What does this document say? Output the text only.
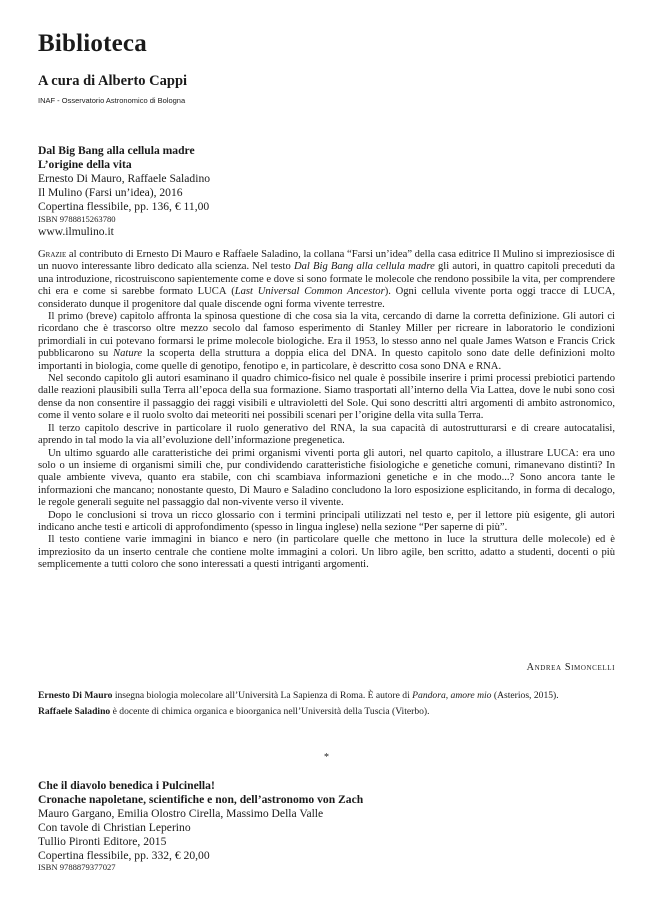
Biblioteca

A cura di Alberto Cappi

INAF - Osservatorio Astronomico di Bologna

Dal Big Bang alla cellula madre
L’origine della vita
Ernesto Di Mauro, Raffaele Saladino
Il Mulino (Farsi un’idea), 2016
Copertina flessibile, pp. 136, € 11,00
ISBN 9788815263780
www.ilmulino.it

Grazie al contributo di Ernesto Di Mauro e Raffaele Saladino, la collana “Farsi un’idea” della casa editrice Il Mulino si impreziosisce di un nuovo interessante libro dedicato alla scienza. Nel testo Dal Big Bang alla cellula madre gli autori, in quattro capitoli preceduti da una introduzione, ricostruiscono sapientemente come e dove si sono formate le molecole che rendono possibile la vita, per comprendere chi era e come si sarebbe formato LUCA (Last Universal Common Ancestor). Ogni cellula vivente porta oggi tracce di LUCA, considerato dunque il progenitore dal quale discende ogni forma vivente terrestre.

Il primo (breve) capitolo affronta la spinosa questione di che cosa sia la vita, cercando di darne la corretta definizione. Gli autori ci ricordano che è trascorso oltre mezzo secolo dal famoso esperimento di Stanley Miller per ricreare in laboratorio le condizioni primordiali in cui potevano formarsi le prime molecole biologiche. Era il 1953, lo stesso anno nel quale James Watson e Francis Crick pubblicarono su Nature la scoperta della struttura a doppia elica del DNA. In questo capitolo sono date delle definizioni molto importanti in biologia, come quelle di genotipo, fenotipo e, in particolare, è descritto cosa sono DNA e RNA.

Nel secondo capitolo gli autori esaminano il quadro chimico-fisico nel quale è possibile inserire i primi processi prebiotici partendo dalle reazioni plausibili sulla Terra all’epoca della sua formazione. Siamo trasportati all’interno della Via Lattea, dove le nubi sono così dense da non consentire il passaggio dei raggi visibili e ultravioletti del Sole. Qui sono descritti altri argomenti di ambito astronomico, come il vento solare e il ruolo svolto dai meteoriti nei possibili scenari per l’origine della vita sulla Terra.

Il terzo capitolo descrive in particolare il ruolo generativo del RNA, la sua capacità di autostrutturarsi e di creare autocatalisi, aprendo in tal modo la via all’evoluzione dell’informazione pregenetica.

Un ultimo sguardo alle caratteristiche dei primi organismi viventi porta gli autori, nel quarto capitolo, a illustrare LUCA: era uno solo o un insieme di organismi simili che, pur condividendo caratteristiche fisiologiche e genetiche comuni, rimanevano distinti? In quale ambiente viveva, quanto era stabile, con chi scambiava informazioni genetiche e in che modo...? Sono ancora tante le informazioni che mancano; nonostante questo, Di Mauro e Saladino concludono la loro esposizione esplicitando, in forma di decalogo, le regole generali seguite nel passaggio dal non-vivente verso il vivente.

Dopo le conclusioni si trova un ricco glossario con i termini principali utilizzati nel testo e, per il lettore più esigente, gli autori indicano anche testi e articoli di approfondimento (spesso in lingua inglese) nella sezione “Per saperne di più”.

Il testo contiene varie immagini in bianco e nero (in particolare quelle che mettono in luce la struttura delle molecole) ed è impreziosito da un inserto centrale che contiene molte immagini a colori. Un libro agile, ben scritto, adatto a studenti, docenti o più semplicemente a tutti coloro che sono interessati a questi intriganti argomenti.

Andrea Simoncelli

Ernesto Di Mauro insegna biologia molecolare all’Università La Sapienza di Roma. È autore di Pandora, amore mio (Asterios, 2015).

Raffaele Saladino è docente di chimica organica e bioorganica nell’Università della Tuscia (Viterbo).

*

Che il diavolo benedica i Pulcinella!
Cronache napoletane, scientifiche e non, dell’astronomo von Zach
Mauro Gargano, Emilia Olostro Cirella, Massimo Della Valle
Con tavole di Christian Leperino
Tullio Pironti Editore, 2015
Copertina flessibile, pp. 332, € 20,00
ISBN 9788879377027
